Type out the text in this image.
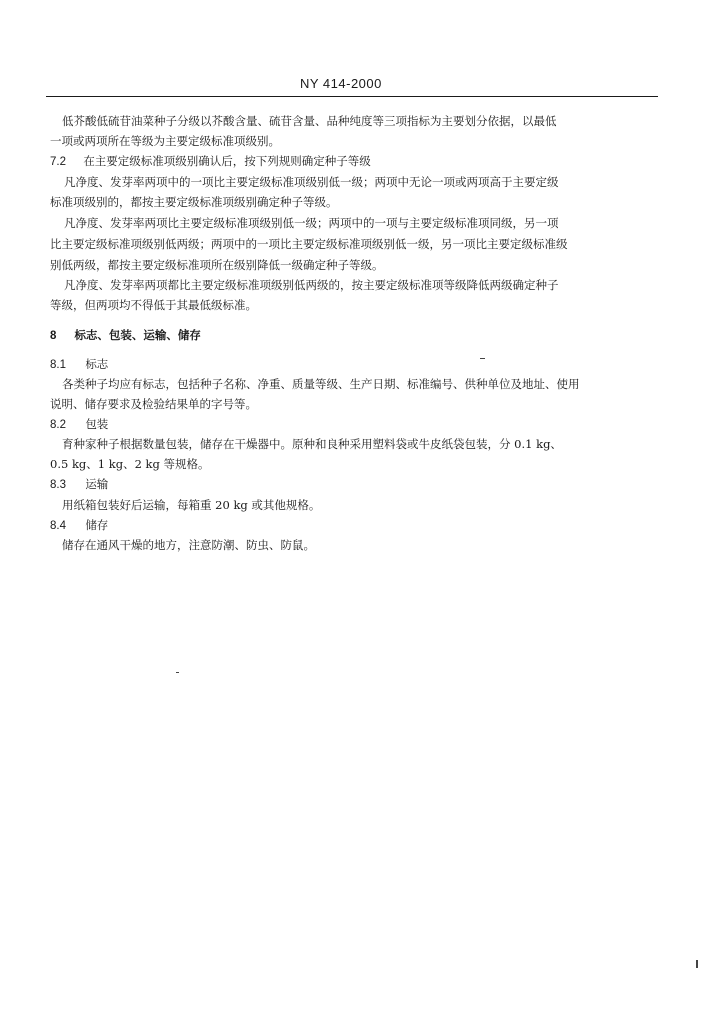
NY 414-2000
低芥酸低硫苷油菜种子分级以芥酸含量、硫苷含量、品种纯度等三项指标为主要划分依据，以最低
一项或两项所在等级为主要定级标准项级别。
7.2 在主要定级标准项级别确认后，按下列规则确定种子等级
凡净度、发芽率两项中的一项比主要定级标准项级别低一级；两项中无论一项或两项高于主要定级
标准项级别的，都按主要定级标准项级别确定种子等级。
凡净度、发芽率两项比主要定级标准项级别低一级；两项中的一项与主要定级标准项同级，另一项
比主要定级标准项级别低两级；两项中的一项比主要定级标准项级别低一级，另一项比主要定级标准级
别低两级，都按主要定级标准项所在级别降低一级确定种子等级。
凡净度、发芽率两项都比主要定级标准项级别低两级的，按主要定级标准项等级降低两级确定种子
等级，但两项均不得低于其最低级标准。
8 标志、包装、运输、储存
8.1 标志
各类种子均应有标志，包括种子名称、净重、质量等级、生产日期、标准编号、供种单位及地址、使用
说明、储存要求及检验结果单的字号等。
8.2 包装
育种家种子根据数量包装，储存在干燥器中。原种和良种采用塑料袋或牛皮纸袋包装，分 0.1 kg、
0.5 kg、1 kg、2 kg 等规格。
8.3 运输
用纸箱包装好后运输，每箱重 20 kg 或其他规格。
8.4 储存
储存在通风干燥的地方，注意防潮、防虫、防鼠。
